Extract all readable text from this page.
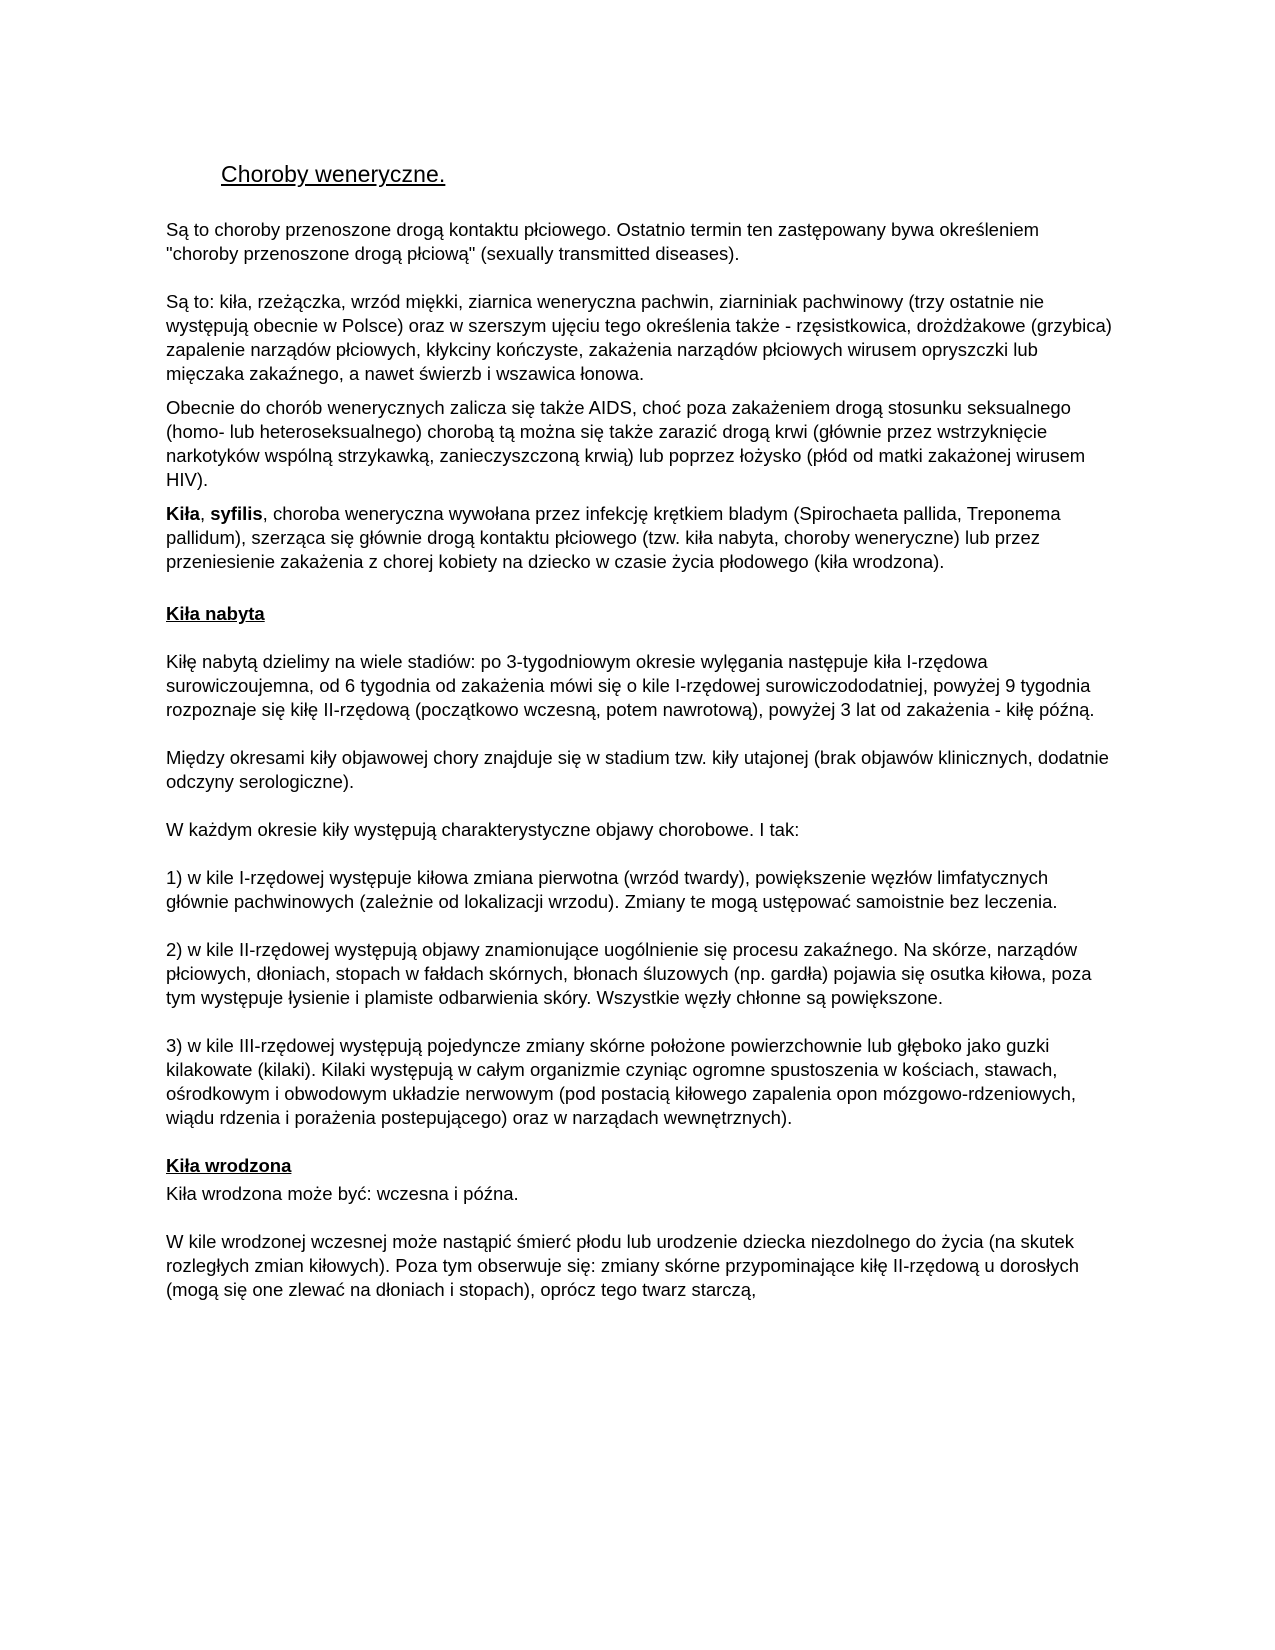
Choroby weneryczne.

Są to choroby przenoszone drogą kontaktu płciowego. Ostatnio termin ten zastępowany bywa określeniem "choroby przenoszone drogą płciową" (sexually transmitted diseases).

Są to: kiła, rzeżączka, wrzód miękki, ziarnica weneryczna pachwin, ziarniniak pachwinowy (trzy ostatnie nie występują obecnie w Polsce) oraz w szerszym ujęciu tego określenia także - rzęsistkowica, drożdżakowe (grzybica) zapalenie narządów płciowych, kłykciny kończyste, zakażenia narządów płciowych wirusem opryszczki lub mięczaka zakaźnego, a nawet świerzb i wszawica łonowa.

Obecnie do chorób wenerycznych zalicza się także AIDS, choć poza zakażeniem drogą stosunku seksualnego (homo- lub heteroseksualnego) chorobą tą można się także zarazić drogą krwi (głównie przez wstrzyknięcie narkotyków wspólną strzykawką, zanieczyszczoną krwią) lub poprzez łożysko (płód od matki zakażonej wirusem HIV).

Kiła, syfilis, choroba weneryczna wywołana przez infekcję krętkiem bladym (Spirochaeta pallida, Treponema pallidum), szerząca się głównie drogą kontaktu płciowego (tzw. kiła nabyta, choroby weneryczne) lub przez przeniesienie zakażenia z chorej kobiety na dziecko w czasie życia płodowego (kiła wrodzona).

Kiła nabyta

Kiłę nabytą dzielimy na wiele stadiów: po 3-tygodniowym okresie wylęgania następuje kiła I-rzędowa surowiczoujemna, od 6 tygodnia od zakażenia mówi się o kile I-rzędowej surowiczododatniej, powyżej 9 tygodnia rozpoznaje się kiłę II-rzędową (początkowo wczesną, potem nawrotową), powyżej 3 lat od zakażenia - kiłę późną.

Między okresami kiły objawowej chory znajduje się w stadium tzw. kiły utajonej (brak objawów klinicznych, dodatnie odczyny serologiczne).

W każdym okresie kiły występują charakterystyczne objawy chorobowe. I tak:

1) w kile I-rzędowej występuje kiłowa zmiana pierwotna (wrzód twardy), powiększenie węzłów limfatycznych głównie pachwinowych (zależnie od lokalizacji wrzodu). Zmiany te mogą ustępować samoistnie bez leczenia.

2) w kile II-rzędowej występują objawy znamionujące uogólnienie się procesu zakaźnego. Na skórze, narządów płciowych, dłoniach, stopach w fałdach skórnych, błonach śluzowych (np. gardła) pojawia się osutka kiłowa, poza tym występuje łysienie i plamiste odbarwienia skóry. Wszystkie węzły chłonne są powiększone.

3) w kile III-rzędowej występują pojedyncze zmiany skórne położone powierzchownie lub głęboko jako guzki kilakowate (kilaki). Kilaki występują w całym organizmie czyniąc ogromne spustoszenia w kościach, stawach, ośrodkowym i obwodowym układzie nerwowym (pod postacią kiłowego zapalenia opon mózgowo-rdzeniowych, wiądu rdzenia i porażenia postepującego) oraz w narządach wewnętrznych).

Kiła wrodzona

Kiła wrodzona może być: wczesna i późna.

W kile wrodzonej wczesnej może nastąpić śmierć płodu lub urodzenie dziecka niezdolnego do życia (na skutek rozległych zmian kiłowych). Poza tym obserwuje się: zmiany skórne przypominające kiłę II-rzędową u dorosłych (mogą się one zlewać na dłoniach i stopach), oprócz tego twarz starczą,
